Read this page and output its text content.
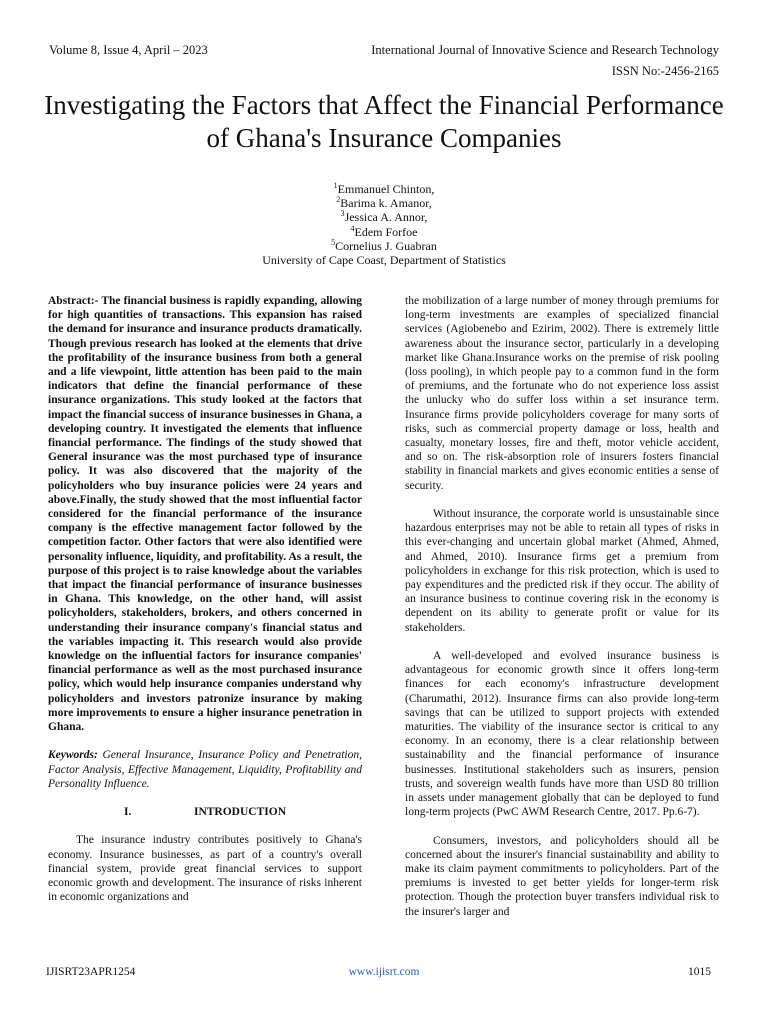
Volume 8, Issue 4, April – 2023	International Journal of Innovative Science and Research Technology
ISSN No:-2456-2165
Investigating the Factors that Affect the Financial Performance of Ghana's Insurance Companies
$^1$Emmanuel Chinton,
$^2$Barima k. Amanor,
$^3$Jessica A. Annor,
$^4$Edem Forfoe
$^5$Cornelius J. Guabran
University of Cape Coast, Department of Statistics

Abstract:- The financial business is rapidly expanding, allowing for high quantities of transactions. This expansion has raised the demand for insurance and insurance products dramatically. Though previous research has looked at the elements that drive the profitability of the insurance business from both a general and a life viewpoint, little attention has been paid to the main indicators that define the financial performance of these insurance organizations. This study looked at the factors that impact the financial success of insurance businesses in Ghana, a developing country. It investigated the elements that influence financial performance. The findings of the study showed that General insurance was the most purchased type of insurance policy. It was also discovered that the majority of the policyholders who buy insurance policies were 24 years and above.Finally, the study showed that the most influential factor considered for the financial performance of the insurance company is the effective management factor followed by the competition factor. Other factors that were also identified were personality influence, liquidity, and profitability. As a result, the purpose of this project is to raise knowledge about the variables that impact the financial performance of insurance businesses in Ghana. This knowledge, on the other hand, will assist policyholders, stakeholders, brokers, and others concerned in understanding their insurance company's financial status and the variables impacting it. This research would also provide knowledge on the influential factors for insurance companies' financial performance as well as the most purchased insurance policy, which would help insurance companies understand why policyholders and investors patronize insurance by making more improvements to ensure a higher insurance penetration in Ghana.

Keywords: General Insurance, Insurance Policy and Penetration, Factor Analysis, Effective Management, Liquidity, Profitability and Personality Influence.

I.	INTRODUCTION

The insurance industry contributes positively to Ghana's economy. Insurance businesses, as part of a country's overall financial system, provide great financial services to support economic growth and development. The insurance of risks inherent in economic organizations and

the mobilization of a large number of money through premiums for long-term investments are examples of specialized financial services (Agiobenebo and Ezirim, 2002). There is extremely little awareness about the insurance sector, particularly in a developing market like Ghana.Insurance works on the premise of risk pooling (loss pooling), in which people pay to a common fund in the form of premiums, and the fortunate who do not experience loss assist the unlucky who do suffer loss within a set insurance term. Insurance firms provide policyholders coverage for many sorts of risks, such as commercial property damage or loss, health and casualty, monetary losses, fire and theft, motor vehicle accident, and so on. The risk-absorption role of insurers fosters financial stability in financial markets and gives economic entities a sense of security.

Without insurance, the corporate world is unsustainable since hazardous enterprises may not be able to retain all types of risks in this ever-changing and uncertain global market (Ahmed, Ahmed, and Ahmed, 2010). Insurance firms get a premium from policyholders in exchange for this risk protection, which is used to pay expenditures and the predicted risk if they occur. The ability of an insurance business to continue covering risk in the economy is dependent on its ability to generate profit or value for its stakeholders.

A well-developed and evolved insurance business is advantageous for economic growth since it offers long-term finances for each economy's infrastructure development (Charumathi, 2012). Insurance firms can also provide long-term savings that can be utilized to support projects with extended maturities. The viability of the insurance sector is critical to any economy. In an economy, there is a clear relationship between sustainability and the financial performance of insurance businesses. Institutional stakeholders such as insurers, pension trusts, and sovereign wealth funds have more than USD 80 trillion in assets under management globally that can be deployed to fund long-term projects (PwC AWM Research Centre, 2017. Pp.6-7).

Consumers, investors, and policyholders should all be concerned about the insurer's financial sustainability and ability to make its claim payment commitments to policyholders. Part of the premiums is invested to get better yields for longer-term risk protection. Though the protection buyer transfers individual risk to the insurer's larger and

IJISRT23APR1254	www.ijisrt.com	1015
